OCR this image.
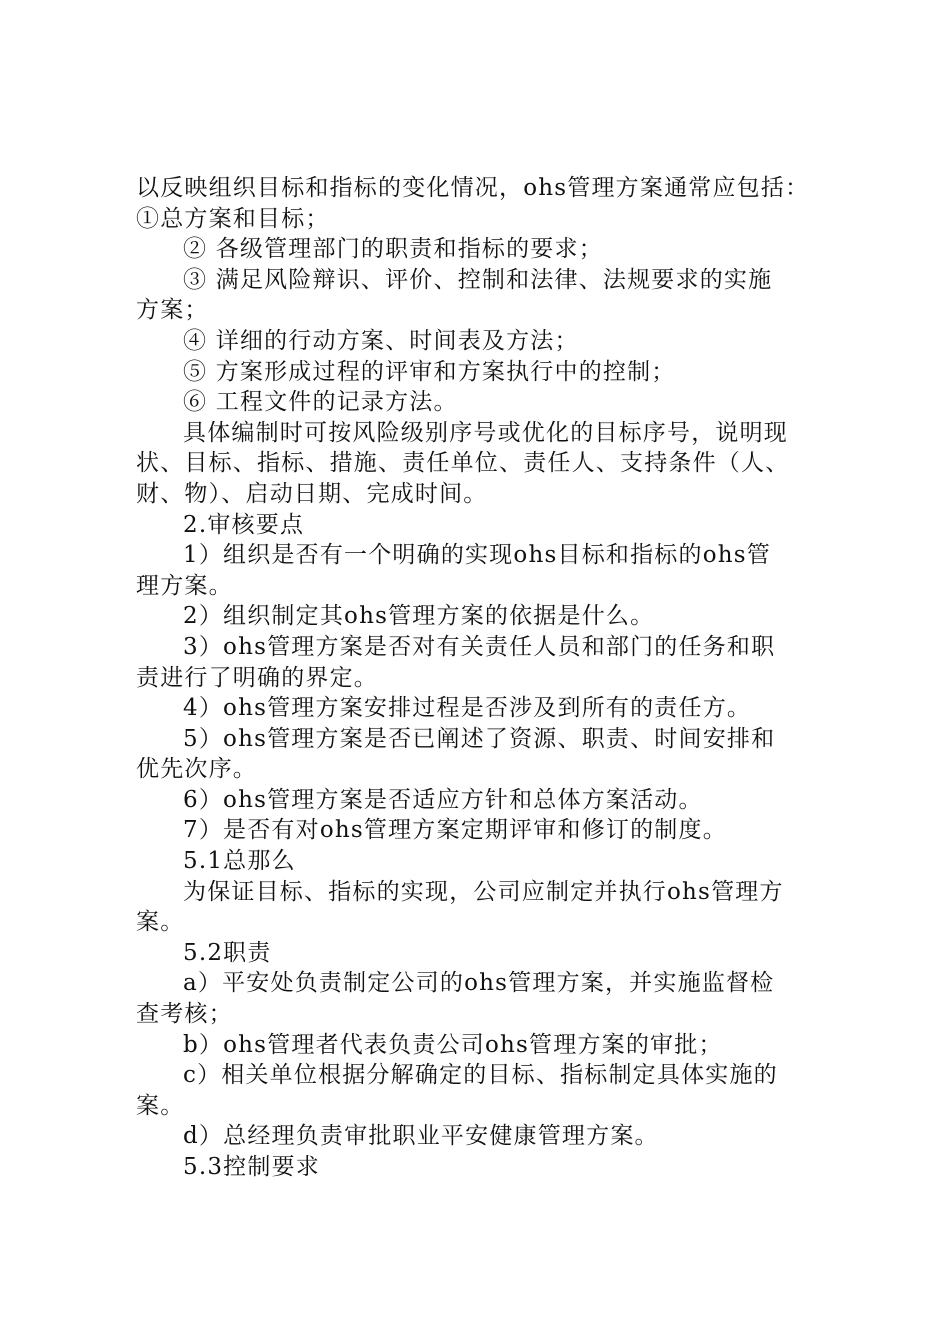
以反映组织目标和指标的变化情况，ohs管理方案通常应包括：
①总方案和目标；
② 各级管理部门的职责和指标的要求；
③ 满足风险辩识、评价、控制和法律、法规要求的实施
方案；
④ 详细的行动方案、时间表及方法；
⑤ 方案形成过程的评审和方案执行中的控制；
⑥ 工程文件的记录方法。
具体编制时可按风险级别序号或优化的目标序号，说明现
状、目标、指标、措施、责任单位、责任人、支持条件（人、
财、物）、启动日期、完成时间。
2.审核要点
1）组织是否有一个明确的实现ohs目标和指标的ohs管
理方案。
2）组织制定其ohs管理方案的依据是什么。
3）ohs管理方案是否对有关责任人员和部门的任务和职
责进行了明确的界定。
4）ohs管理方案安排过程是否涉及到所有的责任方。
5）ohs管理方案是否已阐述了资源、职责、时间安排和
优先次序。
6）ohs管理方案是否适应方针和总体方案活动。
7）是否有对ohs管理方案定期评审和修订的制度。
5.1总那么
为保证目标、指标的实现，公司应制定并执行ohs管理方
案。
5.2职责
a）平安处负责制定公司的ohs管理方案，并实施监督检
查考核；
b）ohs管理者代表负责公司ohs管理方案的审批；
c）相关单位根据分解确定的目标、指标制定具体实施的
案。
d）总经理负责审批职业平安健康管理方案。
5.3控制要求
